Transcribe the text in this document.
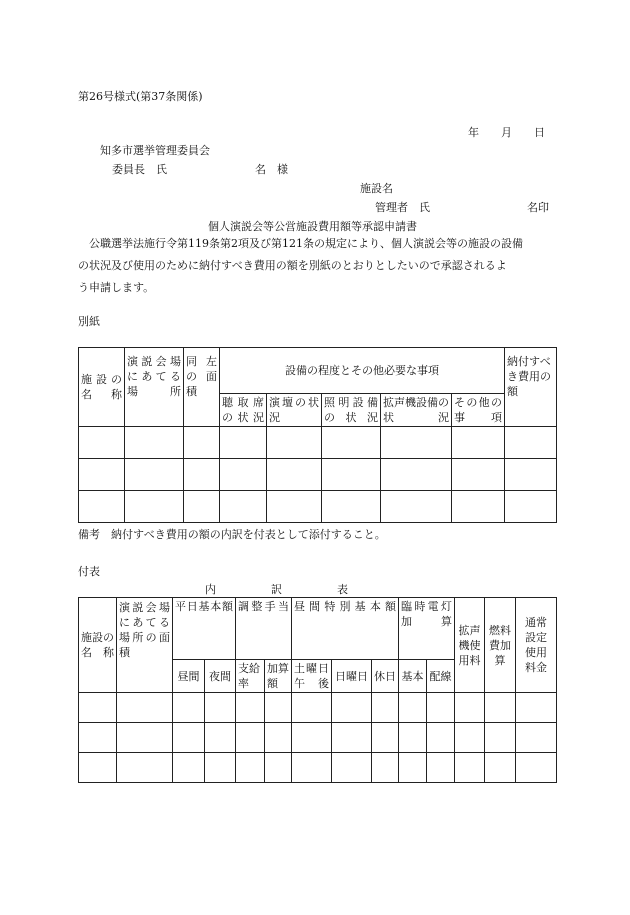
第26号様式(第37条関係)
年　　月　　日
知多市選挙管理委員会
委員長　氏　　　　　　　　名　様
施設名
管理者　氏	名印
個人演説会等公営施設費用額等承認申請書
　公職選挙法施行令第119条第2項及び第121条の規定により、個人演説会等の施設の設備
の状況及び使用のために納付すべき費用の額を別紙のとおりとしたいので承認されるよ
う申請します。
別紙
施設の名　称	演説会場にあてる場所	同左の面積	設備の程度とその他必要な事項					納付すべき費用の額
			聴取席の状況	演壇の状況	照明設備の状況	拡声機設備の状況	その他の事項	

備考　納付すべき費用の額の内訳を付表として添付すること。
付表
内　　　　　訳　　　　　表
施設の名　称	演説会場にあてる場所の面積	平日基本額		調整手当		昼間特別基本額			臨時電灯加算		拡声機使用料	燃料費加算	通常設定使用料金
		昼間	夜間	支給率	加算額	土曜日午後	日曜日	休日	基本	配線			
